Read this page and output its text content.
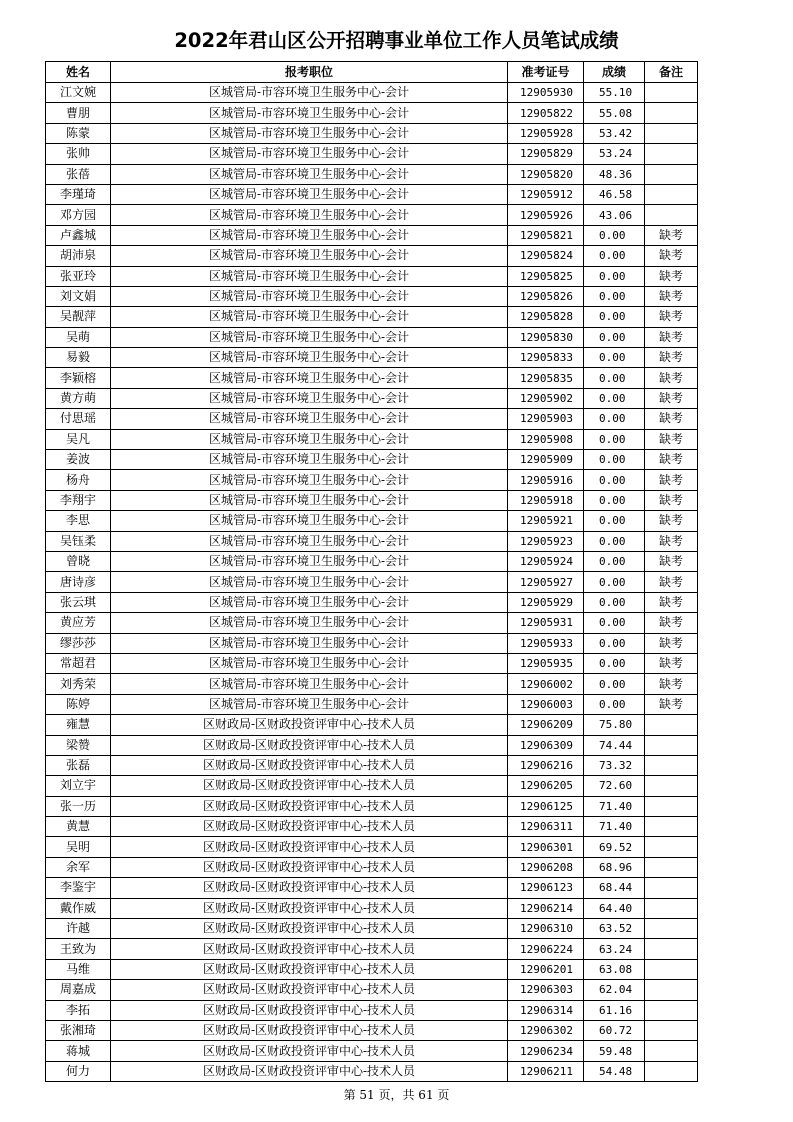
2022年君山区公开招聘事业单位工作人员笔试成绩
姓名	报考职位	准考证号	成绩	备注
江文婉	区城管局-市容环境卫生服务中心-会计	12905930	55.10	
曹朋	区城管局-市容环境卫生服务中心-会计	12905822	55.08	
陈蒙	区城管局-市容环境卫生服务中心-会计	12905928	53.42	
张帅	区城管局-市容环境卫生服务中心-会计	12905829	53.24	
张蓓	区城管局-市容环境卫生服务中心-会计	12905820	48.36	
李瑾琦	区城管局-市容环境卫生服务中心-会计	12905912	46.58	
邓方园	区城管局-市容环境卫生服务中心-会计	12905926	43.06	
卢鑫城	区城管局-市容环境卫生服务中心-会计	12905821	0.00	缺考
胡沛泉	区城管局-市容环境卫生服务中心-会计	12905824	0.00	缺考
张亚玲	区城管局-市容环境卫生服务中心-会计	12905825	0.00	缺考
刘文娟	区城管局-市容环境卫生服务中心-会计	12905826	0.00	缺考
吴靓萍	区城管局-市容环境卫生服务中心-会计	12905828	0.00	缺考
吴萌	区城管局-市容环境卫生服务中心-会计	12905830	0.00	缺考
易毅	区城管局-市容环境卫生服务中心-会计	12905833	0.00	缺考
李颖榕	区城管局-市容环境卫生服务中心-会计	12905835	0.00	缺考
黄方萌	区城管局-市容环境卫生服务中心-会计	12905902	0.00	缺考
付思瑶	区城管局-市容环境卫生服务中心-会计	12905903	0.00	缺考
吴凡	区城管局-市容环境卫生服务中心-会计	12905908	0.00	缺考
姜波	区城管局-市容环境卫生服务中心-会计	12905909	0.00	缺考
杨舟	区城管局-市容环境卫生服务中心-会计	12905916	0.00	缺考
李翔宇	区城管局-市容环境卫生服务中心-会计	12905918	0.00	缺考
李思	区城管局-市容环境卫生服务中心-会计	12905921	0.00	缺考
吴钰柔	区城管局-市容环境卫生服务中心-会计	12905923	0.00	缺考
曾晓	区城管局-市容环境卫生服务中心-会计	12905924	0.00	缺考
唐诗彦	区城管局-市容环境卫生服务中心-会计	12905927	0.00	缺考
张云琪	区城管局-市容环境卫生服务中心-会计	12905929	0.00	缺考
黄应芳	区城管局-市容环境卫生服务中心-会计	12905931	0.00	缺考
缪莎莎	区城管局-市容环境卫生服务中心-会计	12905933	0.00	缺考
常超君	区城管局-市容环境卫生服务中心-会计	12905935	0.00	缺考
刘秀荣	区城管局-市容环境卫生服务中心-会计	12906002	0.00	缺考
陈婷	区城管局-市容环境卫生服务中心-会计	12906003	0.00	缺考
雍慧	区财政局-区财政投资评审中心-技术人员	12906209	75.80	
梁赞	区财政局-区财政投资评审中心-技术人员	12906309	74.44	
张磊	区财政局-区财政投资评审中心-技术人员	12906216	73.32	
刘立宇	区财政局-区财政投资评审中心-技术人员	12906205	72.60	
张一历	区财政局-区财政投资评审中心-技术人员	12906125	71.40	
黄慧	区财政局-区财政投资评审中心-技术人员	12906311	71.40	
吴明	区财政局-区财政投资评审中心-技术人员	12906301	69.52	
余军	区财政局-区财政投资评审中心-技术人员	12906208	68.96	
李鉴宇	区财政局-区财政投资评审中心-技术人员	12906123	68.44	
戴作威	区财政局-区财政投资评审中心-技术人员	12906214	64.40	
许越	区财政局-区财政投资评审中心-技术人员	12906310	63.52	
王致为	区财政局-区财政投资评审中心-技术人员	12906224	63.24	
马维	区财政局-区财政投资评审中心-技术人员	12906201	63.08	
周嘉成	区财政局-区财政投资评审中心-技术人员	12906303	62.04	
李拓	区财政局-区财政投资评审中心-技术人员	12906314	61.16	
张湘琦	区财政局-区财政投资评审中心-技术人员	12906302	60.72	
蒋城	区财政局-区财政投资评审中心-技术人员	12906234	59.48	
何力	区财政局-区财政投资评审中心-技术人员	12906211	54.48	
第 51 页，共 61 页
